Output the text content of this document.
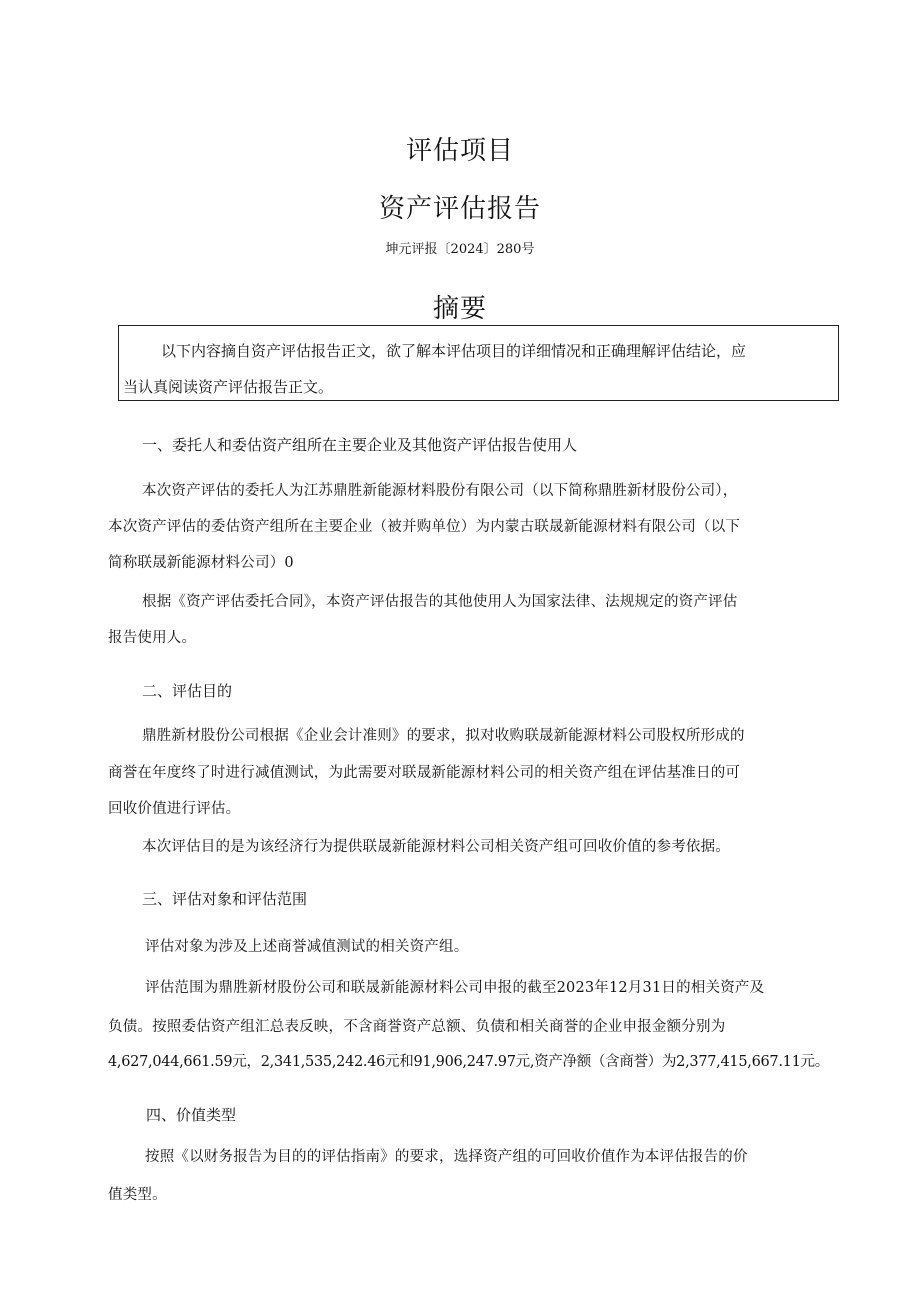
评估项目
资产评估报告
坤元评报〔2024〕280号
摘要
以下内容摘自资产评估报告正文，欲了解本评估项目的详细情况和正确理解评估结论，应
当认真阅读资产评估报告正文。
一、委托人和委估资产组所在主要企业及其他资产评估报告使用人
本次资产评估的委托人为江苏鼎胜新能源材料股份有限公司（以下简称鼎胜新材股份公司），
本次资产评估的委估资产组所在主要企业（被并购单位）为内蒙古联晟新能源材料有限公司（以下
简称联晟新能源材料公司）0
根据《资产评估委托合同》，本资产评估报告的其他使用人为国家法律、法规规定的资产评估
报告使用人。
二、评估目的
鼎胜新材股份公司根据《企业会计准则》的要求，拟对收购联晟新能源材料公司股权所形成的
商誉在年度终了时进行减值测试，为此需要对联晟新能源材料公司的相关资产组在评估基准日的可
回收价值进行评估。
本次评估目的是为该经济行为提供联晟新能源材料公司相关资产组可回收价值的参考依据。
三、评估对象和评估范围
评估对象为涉及上述商誉减值测试的相关资产组。
评估范围为鼎胜新材股份公司和联晟新能源材料公司申报的截至2023年12月31日的相关资产及
负债。按照委估资产组汇总表反映，不含商誉资产总额、负债和相关商誉的企业申报金额分别为
4,627,044,661.59元，2,341,535,242.46元和91,906,247.97元,资产净额（含商誉）为2,377,415,667.11元。
四、价值类型
按照《以财务报告为目的的评估指南》的要求，选择资产组的可回收价值作为本评估报告的价
值类型。
